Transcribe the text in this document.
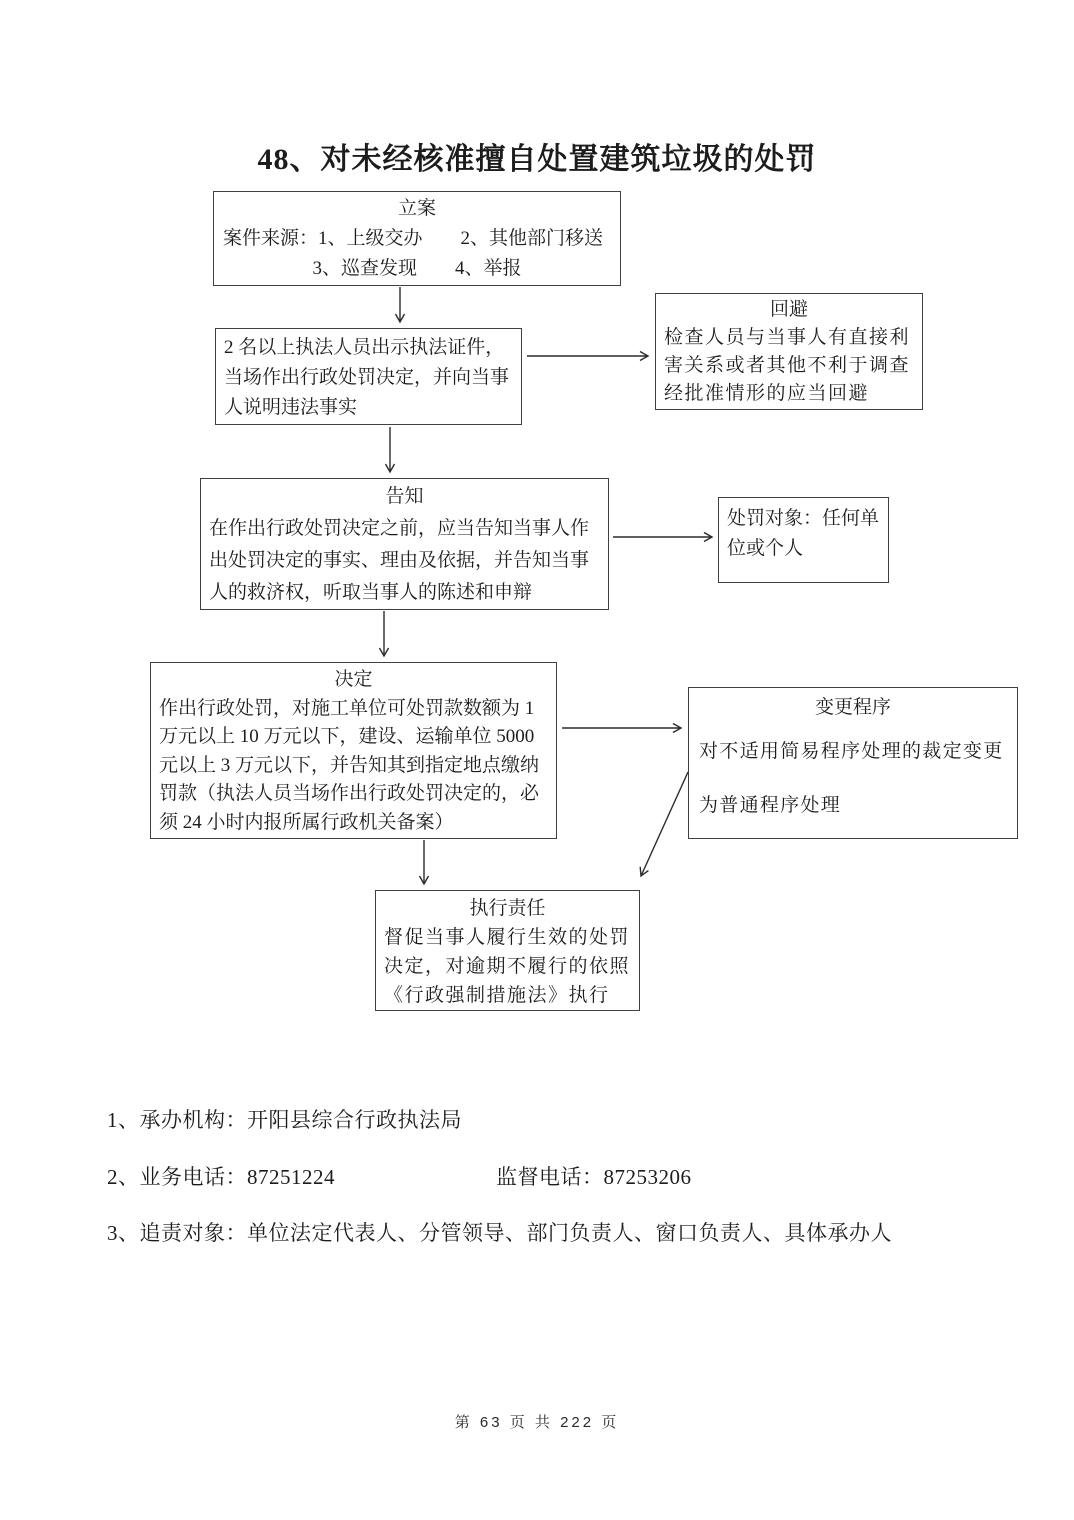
48、对未经核准擅自处置建筑垃圾的处罚
立案
案件来源：1、上级交办　　2、其他部门移送
3、巡查发现　　4、举报
2 名以上执法人员出示执法证件，当场作出行政处罚决定，并向当事人说明违法事实
回避
检查人员与当事人有直接利害关系或者其他不利于调查经批准情形的应当回避
告知
在作出行政处罚决定之前，应当告知当事人作出处罚决定的事实、理由及依据，并告知当事人的救济权，听取当事人的陈述和申辩
处罚对象：任何单位或个人
决定
作出行政处罚，对施工单位可处罚款数额为 1 万元以上 10 万元以下，建设、运输单位 5000 元以上 3 万元以下，并告知其到指定地点缴纳罚款（执法人员当场作出行政处罚决定的，必须 24 小时内报所属行政机关备案）
变更程序
对不适用简易程序处理的裁定变更
为普通程序处理
执行责任
督促当事人履行生效的处罚决定，对逾期不履行的依照《行政强制措施法》执行
1、承办机构：开阳县综合行政执法局
2、业务电话：87251224	监督电话：87253206
3、追责对象：单位法定代表人、分管领导、部门负责人、窗口负责人、具体承办人
第 63 页 共 222 页
